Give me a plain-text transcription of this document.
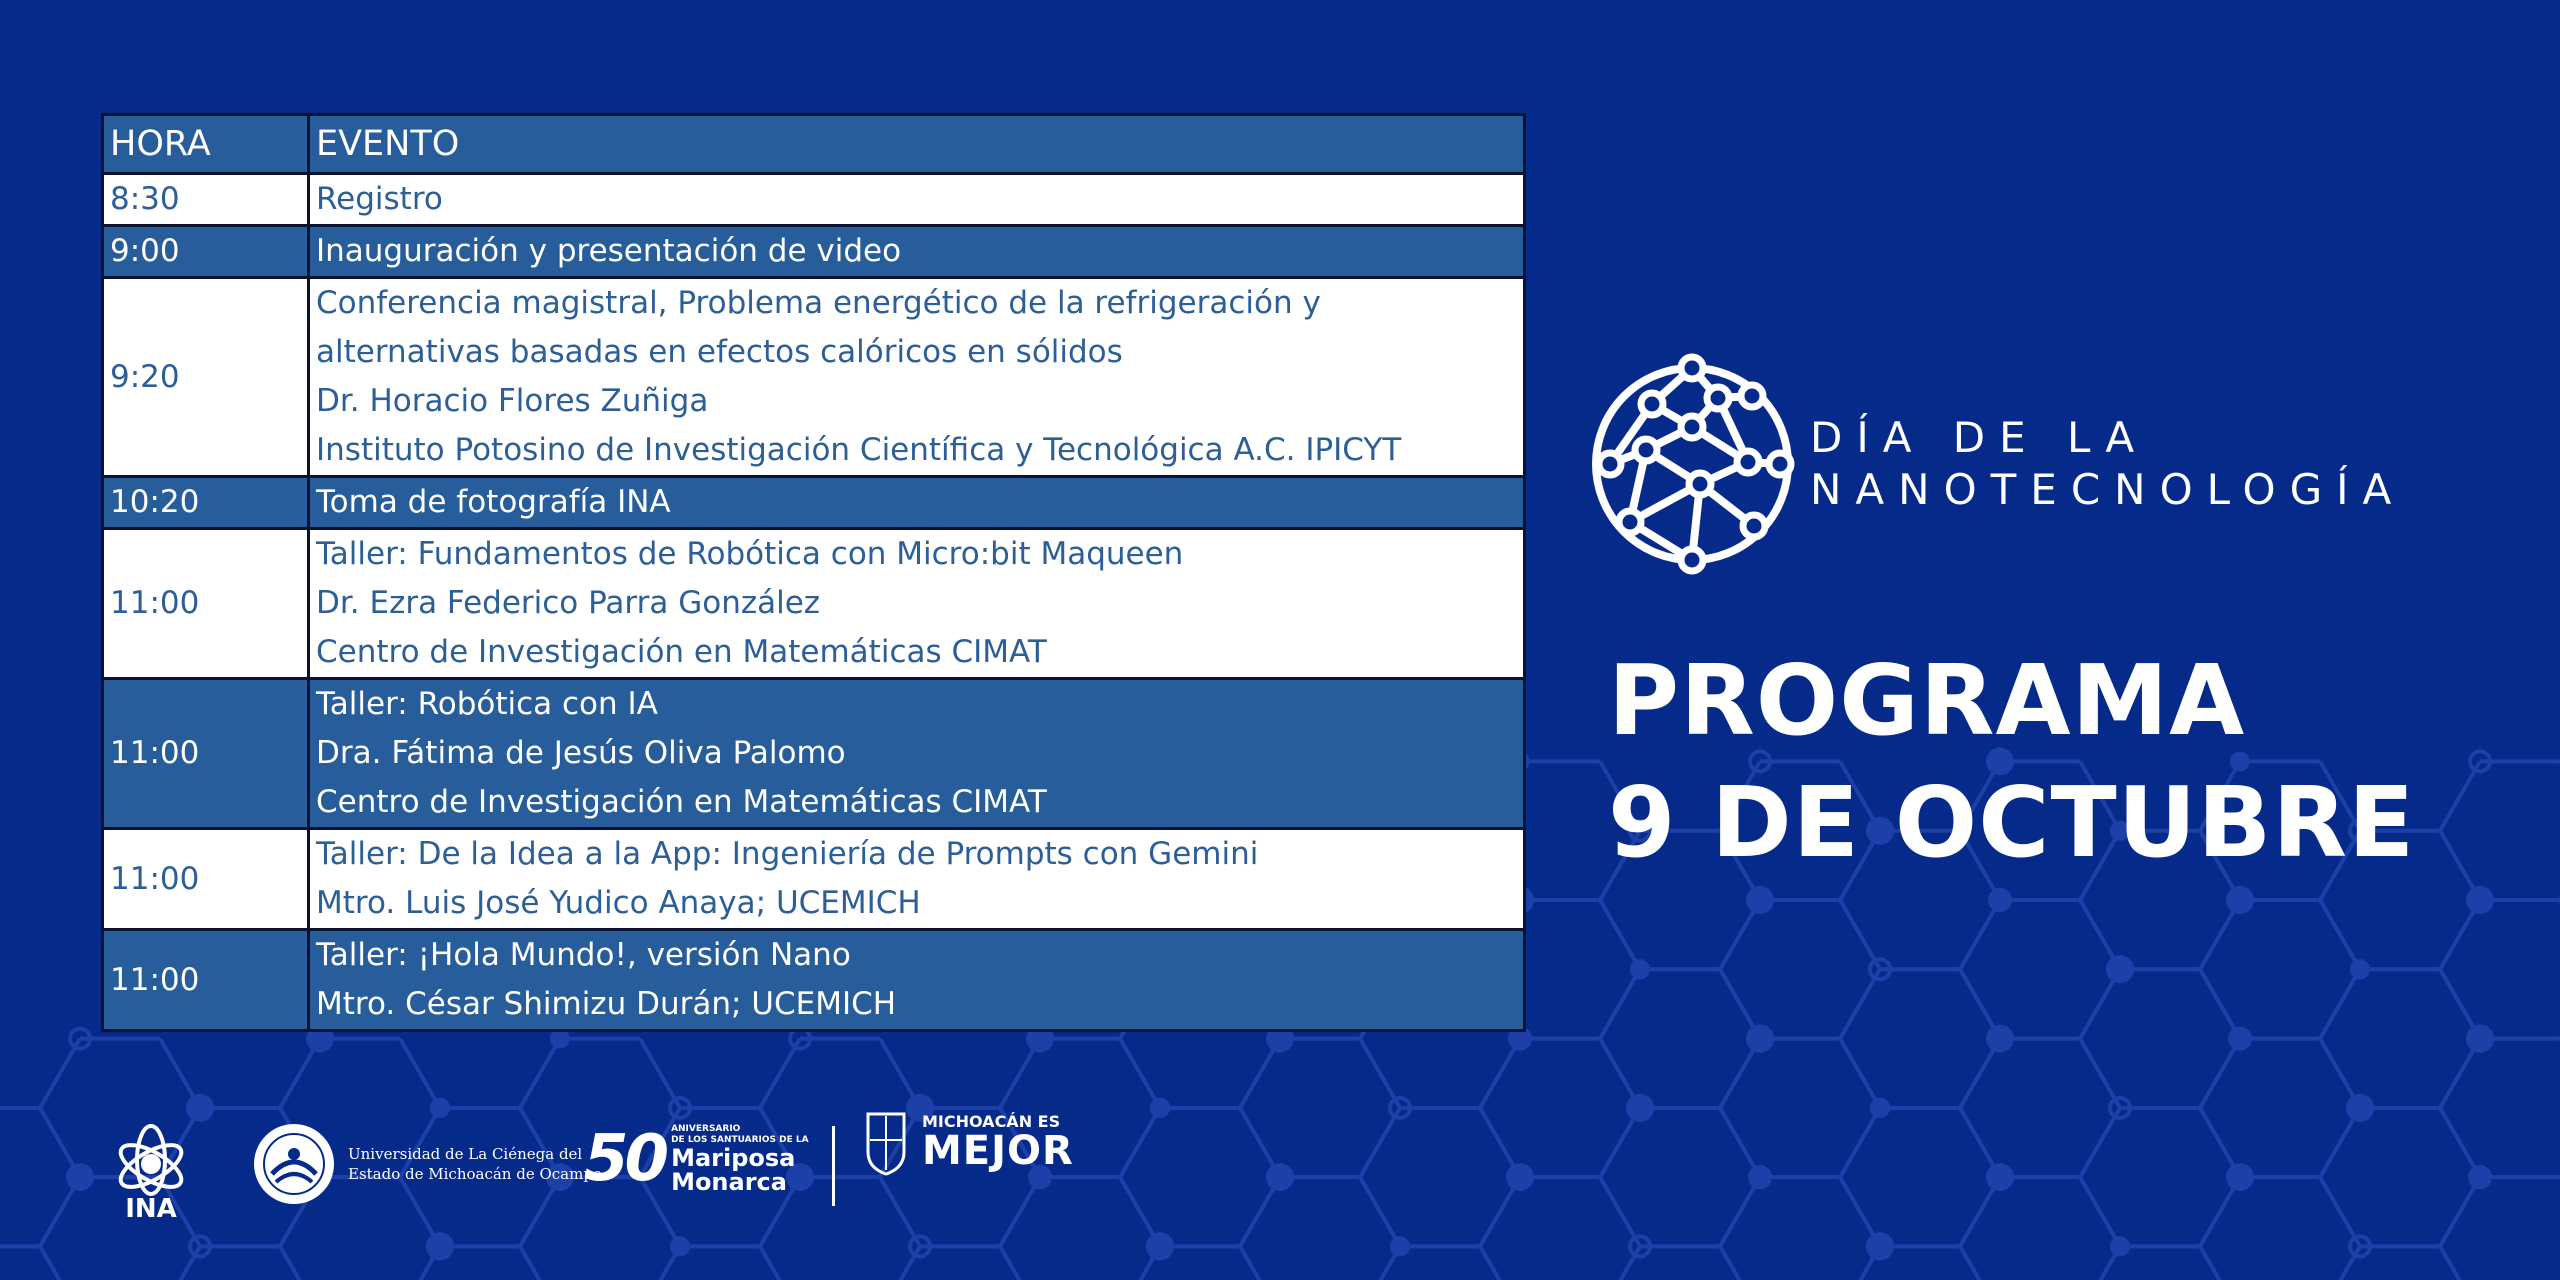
HORA	EVENTO
8:30	Registro

9:00	Inauguración y presentación de video

9:20	Conferencia magistral, Problema energético de la refrigeración y
alternativas basadas en efectos calóricos en sólidos
Dr. Horacio Flores Zuñiga
Instituto Potosino de Investigación Científica y Tecnológica A.C. IPICYT

10:20	Toma de fotografía INA

11:00	Taller: Fundamentos de Robótica con Micro:bit Maqueen
Dr. Ezra Federico Parra González
Centro de Investigación en Matemáticas CIMAT

11:00	Taller: Robótica con IA
Dra. Fátima de Jesús Oliva Palomo
Centro de Investigación en Matemáticas CIMAT

11:00	Taller: De la Idea a la App: Ingeniería de Prompts con Gemini
Mtro. Luis José Yudico Anaya; UCEMICH

11:00	Taller: ¡Hola Mundo!, versión Nano
Mtro. César Shimizu Durán; UCEMICH
DÍA DE LA
NANOTECNOLOGÍA
PROGRAMA
9 DE OCTUBRE
INA
Universidad de La Ciénega del
Estado de Michoacán de Ocampo
50 ANIVERSARIO
DE LOS SANTUARIOS DE LA
Mariposa
Monarca
MICHOACÁN ES
MEJOR
